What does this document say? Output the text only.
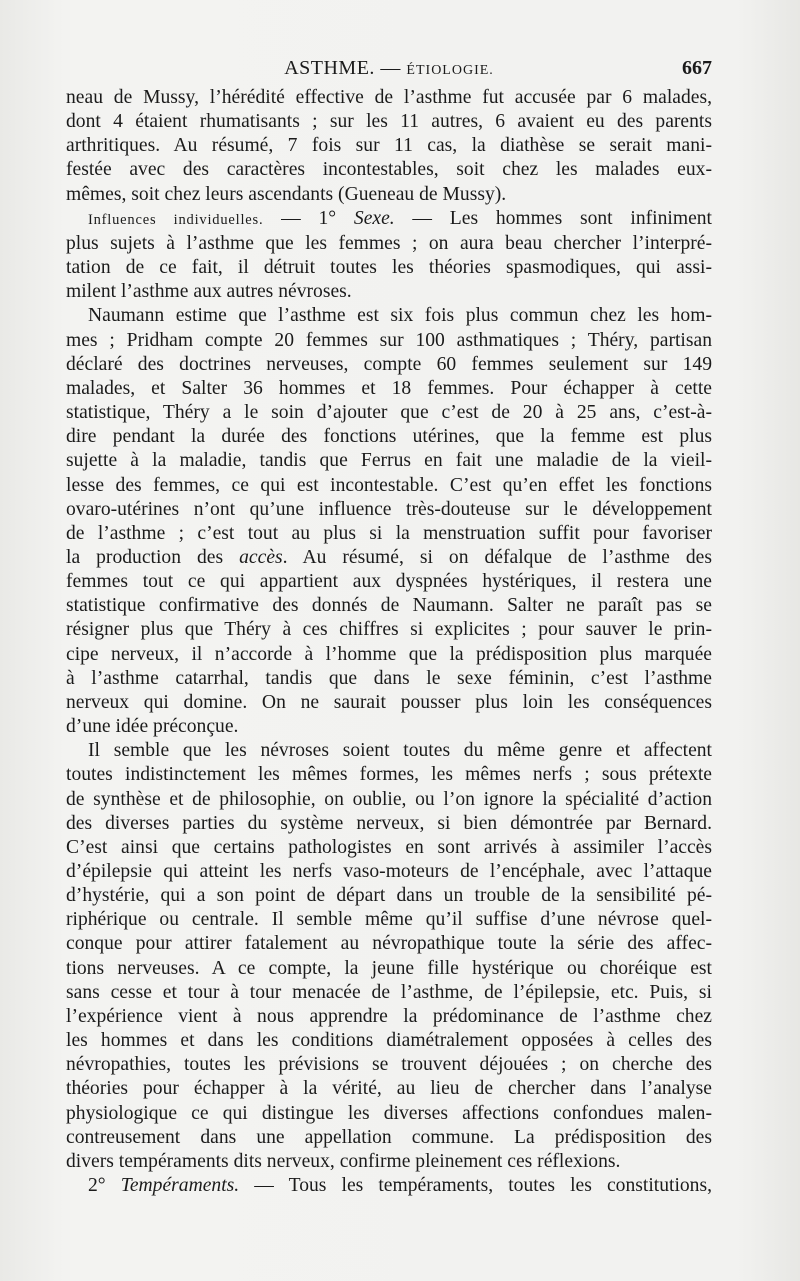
ASTHME. — ÉTIOLOGIE.	667

neau de Mussy, l’hérédité effective de l’asthme fut accusée par 6 malades,

dont 4 étaient rhumatisants ; sur les 11 autres, 6 avaient eu des parents

arthritiques. Au résumé, 7 fois sur 11 cas, la diathèse se serait mani-

festée avec des caractères incontestables, soit chez les malades eux-

mêmes, soit chez leurs ascendants (Gueneau de Mussy).

Influences individuelles. — 1° Sexe. — Les hommes sont infiniment

plus sujets à l’asthme que les femmes ; on aura beau chercher l’interpré-

tation de ce fait, il détruit toutes les théories spasmodiques, qui assi-

milent l’asthme aux autres névroses.

Naumann estime que l’asthme est six fois plus commun chez les hom-

mes ; Pridham compte 20 femmes sur 100 asthmatiques ; Théry, partisan

déclaré des doctrines nerveuses, compte 60 femmes seulement sur 149

malades, et Salter 36 hommes et 18 femmes. Pour échapper à cette

statistique, Théry a le soin d’ajouter que c’est de 20 à 25 ans, c’est-à-

dire pendant la durée des fonctions utérines, que la femme est plus

sujette à la maladie, tandis que Ferrus en fait une maladie de la vieil-

lesse des femmes, ce qui est incontestable. C’est qu’en effet les fonctions

ovaro-utérines n’ont qu’une influence très-douteuse sur le développement

de l’asthme ; c’est tout au plus si la menstruation suffit pour favoriser

la production des accès. Au résumé, si on défalque de l’asthme des

femmes tout ce qui appartient aux dyspnées hystériques, il restera une

statistique confirmative des donnés de Naumann. Salter ne paraît pas se

résigner plus que Théry à ces chiffres si explicites ; pour sauver le prin-

cipe nerveux, il n’accorde à l’homme que la prédisposition plus marquée

à l’asthme catarrhal, tandis que dans le sexe féminin, c’est l’asthme

nerveux qui domine. On ne saurait pousser plus loin les conséquences

d’une idée préconçue.

Il semble que les névroses soient toutes du même genre et affectent

toutes indistinctement les mêmes formes, les mêmes nerfs ; sous prétexte

de synthèse et de philosophie, on oublie, ou l’on ignore la spécialité d’action

des diverses parties du système nerveux, si bien démontrée par Bernard.

C’est ainsi que certains pathologistes en sont arrivés à assimiler l’accès

d’épilepsie qui atteint les nerfs vaso-moteurs de l’encéphale, avec l’attaque

d’hystérie, qui a son point de départ dans un trouble de la sensibilité pé-

riphérique ou centrale. Il semble même qu’il suffise d’une névrose quel-

conque pour attirer fatalement au névropathique toute la série des affec-

tions nerveuses. A ce compte, la jeune fille hystérique ou choréique est

sans cesse et tour à tour menacée de l’asthme, de l’épilepsie, etc. Puis, si

l’expérience vient à nous apprendre la prédominance de l’asthme chez

les hommes et dans les conditions diamétralement opposées à celles des

névropathies, toutes les prévisions se trouvent déjouées ; on cherche des

théories pour échapper à la vérité, au lieu de chercher dans l’analyse

physiologique ce qui distingue les diverses affections confondues malen-

contreusement dans une appellation commune. La prédisposition des

divers tempéraments dits nerveux, confirme pleinement ces réflexions.

2° Tempéraments. — Tous les tempéraments, toutes les constitutions,
